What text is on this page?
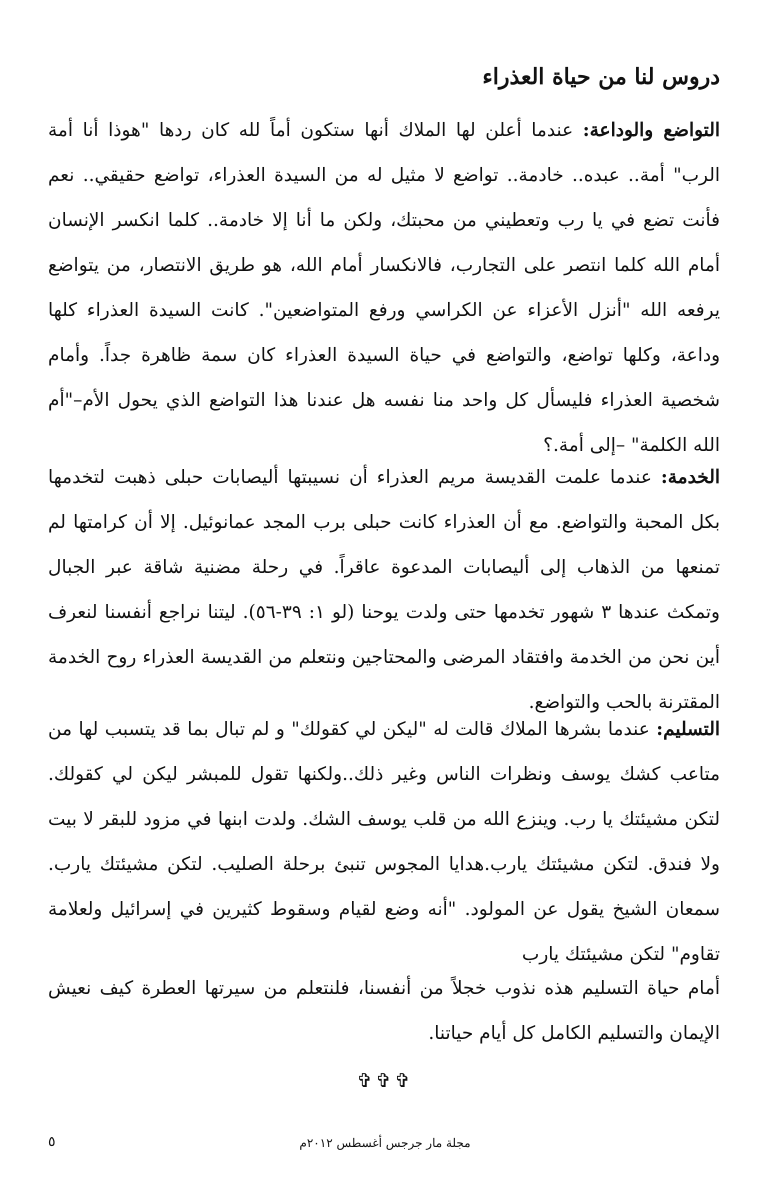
دروس لنا من حياة العذراء

التواضع والوداعة: عندما أعلن لها الملاك أنها ستكون أماً لله كان ردها "هوذا أنا أمة الرب" أمة.. عبده.. خادمة.. تواضع لا مثيل له من السيدة العذراء، تواضع حقيقي.. نعم فأنت تضع في يا رب وتعطيني من محبتك، ولكن ما أنا إلا خادمة.. كلما انكسر الإنسان أمام الله كلما انتصر على التجارب، فالانكسار أمام الله، هو طريق الانتصار، من يتواضع يرفعه الله "أنزل الأعزاء عن الكراسي ورفع المتواضعين". كانت السيدة العذراء كلها وداعة، وكلها تواضع، والتواضع في حياة السيدة العذراء كان سمة ظاهرة جداً. وأمام شخصية العذراء فليسأل كل واحد منا نفسه هل عندنا هذا التواضع الذي يحول الأم–"أم الله الكلمة" –إلى أمة.؟

الخدمة: عندما علمت القديسة مريم العذراء أن نسيبتها أليصابات حبلى ذهبت لتخدمها بكل المحبة والتواضع. مع أن العذراء كانت حبلى برب المجد عمانوئيل. إلا أن كرامتها لم تمنعها من الذهاب إلى أليصابات المدعوة عاقراً. في رحلة مضنية شاقة عبر الجبال وتمكث عندها ٣ شهور تخدمها حتى ولدت يوحنا (لو ١: ٣٩-٥٦). ليتنا نراجع أنفسنا لنعرف أين نحن من الخدمة وافتقاد المرضى والمحتاجين ونتعلم من القديسة العذراء روح الخدمة المقترنة بالحب والتواضع.

التسليم: عندما بشرها الملاك قالت له "ليكن لي كقولك" و لم تبال بما قد يتسبب لها من متاعب كشك يوسف ونظرات الناس وغير ذلك..ولكنها تقول للمبشر ليكن لي كقولك. لتكن مشيئتك يا رب. وينزع الله من قلب يوسف الشك. ولدت ابنها في مزود للبقر لا بيت ولا فندق. لتكن مشيئتك يارب.هدايا المجوس تنبئ برحلة الصليب. لتكن مشيئتك يارب. سمعان الشيخ يقول عن المولود. "أنه وضع لقيام وسقوط كثيرين في إسرائيل ولعلامة تقاوم" لتكن مشيئتك يارب

أمام حياة التسليم هذه نذوب خجلاً من أنفسنا، فلنتعلم من سيرتها العطرة كيف نعيش الإيمان والتسليم الكامل كل أيام حياتنا.

✞✞✞
مجلة مار جرجس أغسطس ٢٠١٢م
٥
